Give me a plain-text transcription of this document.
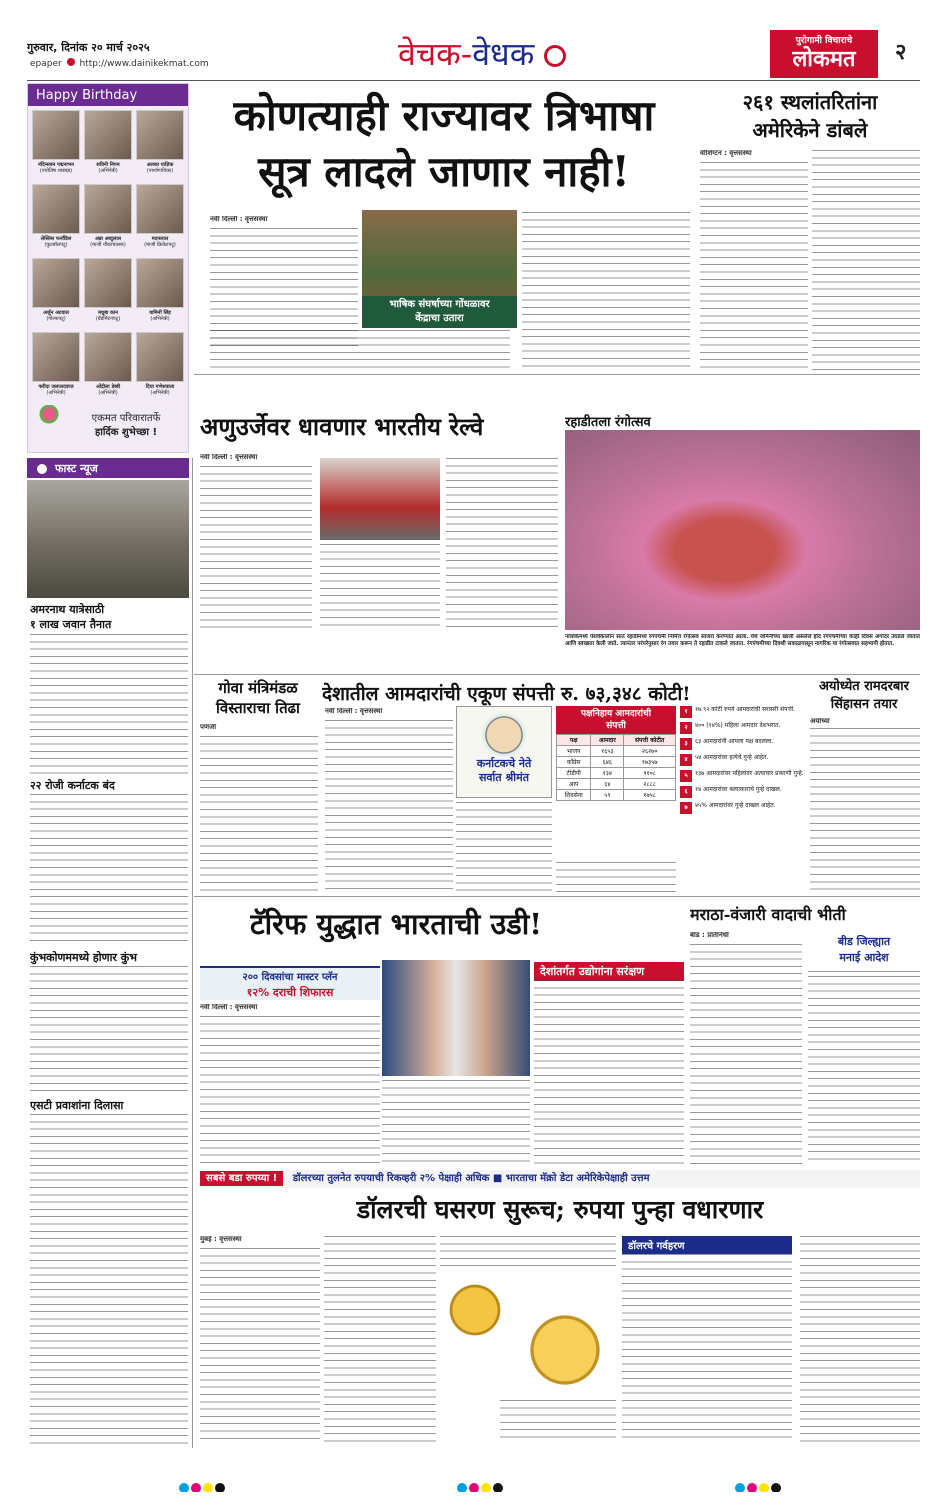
गुरुवार, दिनांक २० मार्च २०२५
epaper http://www.dainikekmat.com	वेचक-वेधक	पुरोगामी विचाराचे
लोकमत	२
Happy Birthday
नंदिन्सवन पद्मनाभन
(ज्योतिष शास्त्रज्ञ)
सविनी निगम
(अभिनेत्री)
अलका याज्ञिक
(पार्श्वगायिका)
लेस्लिस फर्नांडिस
(फुटबॉलपटू)
अन्ना अब्दुलाल
(माजी नौकाचालक)
मदनलाल
(माजी क्रिकेटपटू)
अर्जुन अटवाल
(गोल्फपटू)
मधुबा कान
(बॅडमिंटनपटू)
यामिनी सिंह
(अभिनेत्री)
फरीदा जलालदवाज
(अभिनेत्री)
ओंद्रीला डेब्बी
(अभिनेत्री)
दिया गणेशवाला
(अभिनेत्री)
एकमत परिवारातर्फे
हार्दिक शुभेच्छा !
कोणत्याही राज्यावर त्रिभाषा
सूत्र लादले जाणार नाही!
नवी दिल्ली : वृत्तसंस्था
भाषिक संघर्षाच्या गोंधळावर
केंद्राचा उतारा
२६१ स्थलांतरितांना
अमेरिकेने डांबले
वॉशिंग्टन : वृत्तसंस्था
फास्ट न्यूज
अमरनाथ यात्रेसाठी
१ लाख जवान तैनात
२२ रोजी कर्नाटक बंद
कुंभकोणममध्ये होणार कुंभ
एसटी प्रवाशांना दिलासा
अणुउर्जेवर धावणार भारतीय रेल्वे
नवी दिल्ली : वृत्तसंस्था
रहाडीतला रंगोत्सव
नाशिकमध्ये पेशवेकालीन सात रहाडीमध्ये रंगपंचमी निमित्त रंगोत्सव साजरा करण्यात आला. येथे जमिनीच्या खाली असलेले हौद रंगपंचमीच्या काही दिवस अगोदर उघडले जातात आणि स्वच्छता केली जाते. त्यानंतर परंपरेनुसार रंग तयार करून ते रहाडीत टाकले जातात. रंगपंचमीच्या दिवशी सकाळपासून नागरिक या रंगोत्सवात सहभागी होतात.
गोवा मंत्रिमंडळ
विस्ताराचा तिढा
पणजी
देशातील आमदारांची एकूण संपत्ती रु. ७३,३४८ कोटी!
नवी दिल्ली : वृत्तसंस्था
कर्नाटकचे नेते
सर्वात श्रीमंत
पक्षनिहाय आमदारांची
संपत्ती
पक्ष	आमदार	संपत्ती कोटीत
भाजप	१६५३	२६२७०
काँग्रेस	६४६	१७३५७
टीडीपी	१३४	९१०८
आप	६४	२८८८
शिवसेना	५९	१७५८
१	१७.९२ कोटी रुपये आमदारांची सरासरी संपत्ती.
२	४०० (१४%) महिला आमदार देशभरात.
३	६३ आमदारांनी आपला पक्ष बदलला.
४	५४ आमदारांवर हत्येचे गुन्हे आहेत.
५	१३७ आमदारांवर महिलांवर अत्याचार प्रकरणी गुन्हे.
६	१४ आमदारांवर बलात्काराचे गुन्हे दाखल.
७	४५% आमदारांवर गुन्हे दाखल आहेत.
अयोध्येत रामदरबार
सिंहासन तयार
अयोध्या
टॅरिफ युद्धात भारताची उडी!
२०० दिवसांचा मास्टर प्लॅन
१२% दराची शिफारस
नवी दिल्ली : वृत्तसंस्था
देशांतर्गत उद्योगांना सरंक्षण
मराठा-वंजारी वादाची भीती
बीड : प्रतिनिधी	बीड जिल्ह्यात
मनाई आदेश
सबसे बडा रुपय्या ! डॉलरच्या तुलनेत रुपयाची रिकव्हरी २% पेक्षाही अधिक ■ भारताचा मॅक्रो डेटा अमेरिकेपेक्षाही उत्तम
डॉलरची घसरण सुरूच; रुपया पुन्हा वधारणार
मुंबई : वृत्तसंस्था
डॉलरचे गर्वहरण
